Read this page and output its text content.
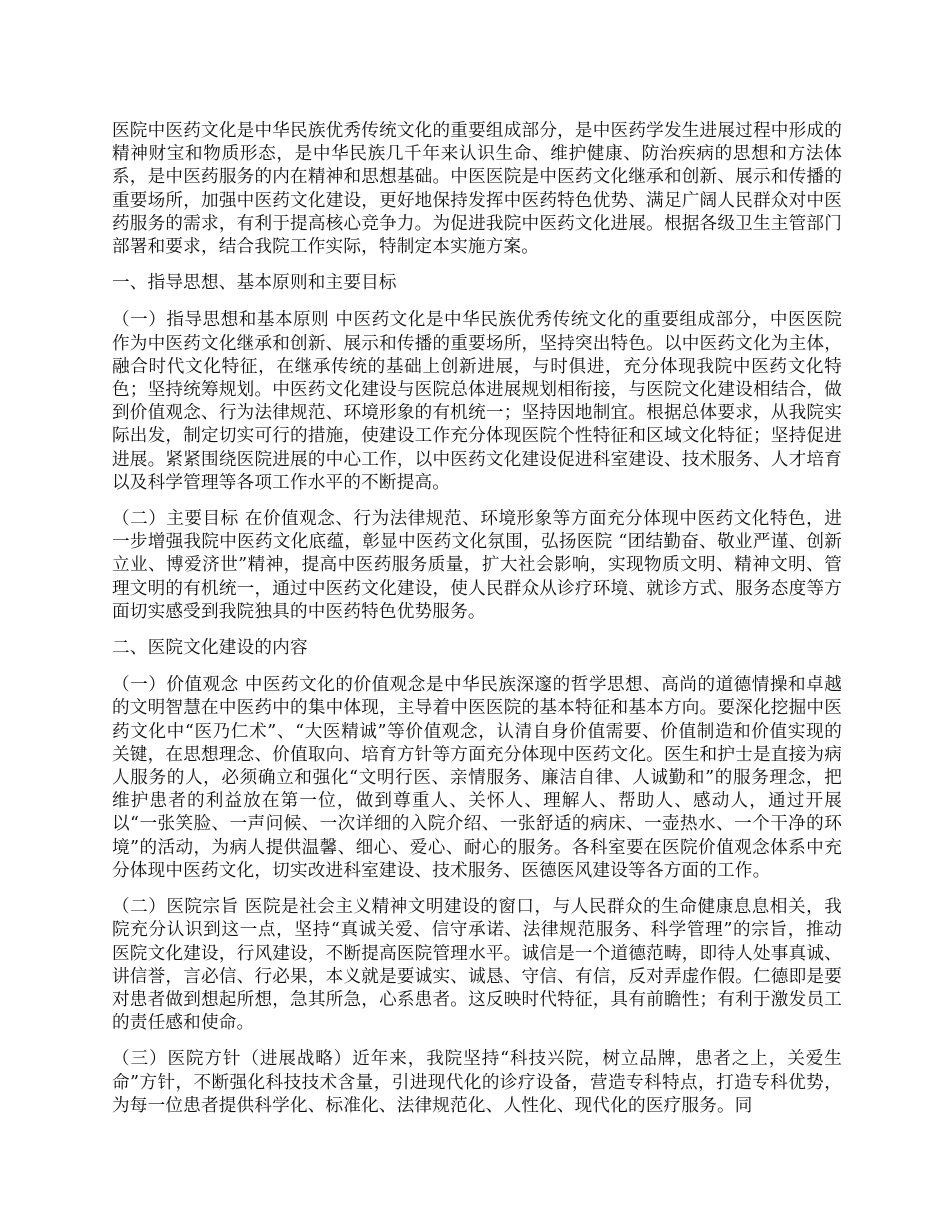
医院中医药文化是中华民族优秀传统文化的重要组成部分，是中医药学发生进展过程中形成的精神财宝和物质形态，是中华民族几千年来认识生命、维护健康、防治疾病的思想和方法体系，是中医药服务的内在精神和思想基础。中医医院是中医药文化继承和创新、展示和传播的重要场所，加强中医药文化建设，更好地保持发挥中医药特色优势、满足广阔人民群众对中医药服务的需求，有利于提高核心竞争力。为促进我院中医药文化进展。根据各级卫生主管部门部署和要求，结合我院工作实际，特制定本实施方案。

一、指导思想、基本原则和主要目标

（一）指导思想和基本原则 中医药文化是中华民族优秀传统文化的重要组成部分，中医医院作为中医药文化继承和创新、展示和传播的重要场所，坚持突出特色。以中医药文化为主体，融合时代文化特征，在继承传统的基础上创新进展，与时俱进，充分体现我院中医药文化特色；坚持统筹规划。中医药文化建设与医院总体进展规划相衔接，与医院文化建设相结合，做到价值观念、行为法律规范、环境形象的有机统一；坚持因地制宜。根据总体要求，从我院实际出发，制定切实可行的措施，使建设工作充分体现医院个性特征和区域文化特征；坚持促进进展。紧紧围绕医院进展的中心工作，以中医药文化建设促进科室建设、技术服务、人才培育以及科学管理等各项工作水平的不断提高。

（二）主要目标 在价值观念、行为法律规范、环境形象等方面充分体现中医药文化特色，进一步增强我院中医药文化底蕴，彰显中医药文化氛围，弘扬医院 “团结勤奋、敬业严谨、创新立业、博爱济世”精神，提高中医药服务质量，扩大社会影响，实现物质文明、精神文明、管理文明的有机统一，通过中医药文化建设，使人民群众从诊疗环境、就诊方式、服务态度等方面切实感受到我院独具的中医药特色优势服务。

二、医院文化建设的内容

（一）价值观念 中医药文化的价值观念是中华民族深邃的哲学思想、高尚的道德情操和卓越的文明智慧在中医药中的集中体现，主导着中医医院的基本特征和基本方向。要深化挖掘中医药文化中“医乃仁术”、“大医精诚”等价值观念，认清自身价值需要、价值制造和价值实现的关键，在思想理念、价值取向、培育方针等方面充分体现中医药文化。医生和护士是直接为病人服务的人，必须确立和强化“文明行医、亲情服务、廉洁自律、人诚勤和”的服务理念，把维护患者的利益放在第一位，做到尊重人、关怀人、理解人、帮助人、感动人，通过开展以“一张笑脸、一声问候、一次详细的入院介绍、一张舒适的病床、一壶热水、一个干净的环境”的活动，为病人提供温馨、细心、爱心、耐心的服务。各科室要在医院价值观念体系中充分体现中医药文化，切实改进科室建设、技术服务、医德医风建设等各方面的工作。

（二）医院宗旨 医院是社会主义精神文明建设的窗口，与人民群众的生命健康息息相关，我院充分认识到这一点，坚持“真诚关爱、信守承诺、法律规范服务、科学管理”的宗旨，推动医院文化建设，行风建设，不断提高医院管理水平。诚信是一个道德范畴，即待人处事真诚、讲信誉，言必信、行必果，本义就是要诚实、诚恳、守信、有信，反对弄虚作假。仁德即是要对患者做到想起所想，急其所急，心系患者。这反映时代特征，具有前瞻性；有利于激发员工的责任感和使命。

（三）医院方针（进展战略）近年来，我院坚持“科技兴院，树立品牌，患者之上，关爱生命”方针，不断强化科技技术含量，引进现代化的诊疗设备，营造专科特点，打造专科优势，为每一位患者提供科学化、标准化、法律规范化、人性化、现代化的医疗服务。同
